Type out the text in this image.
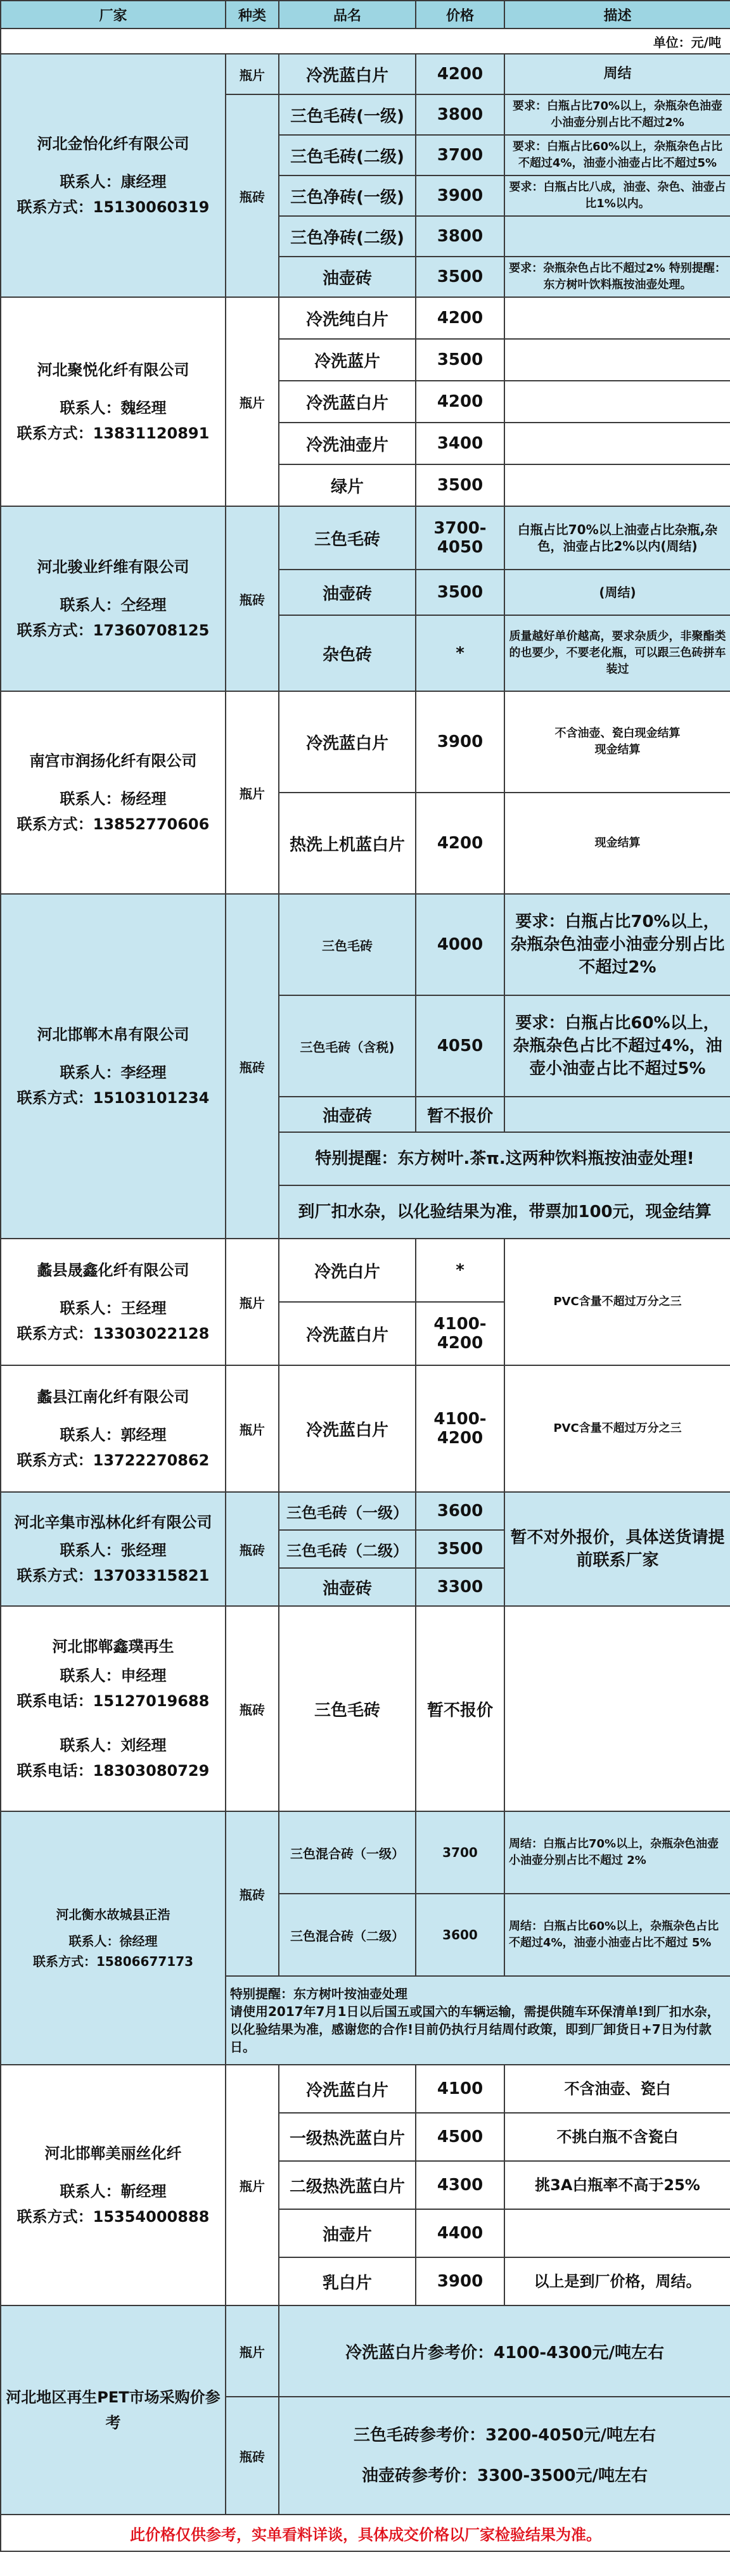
厂家	种类	品名	价格	描述
单位：元/吨				

河北金怡化纤有限公司
联系人：康经理
联系方式：15130060319	瓶片	冷洗蓝白片	4200	周结
	瓶砖	三色毛砖(一级)	3800	要求：白瓶占比70%以上，杂瓶杂色油壶小油壶分别占比不超过2%
		三色毛砖(二级)	3700	要求：白瓶占比60%以上，杂瓶杂色占比不超过4%，油壶小油壶占比不超过5%
		三色净砖(一级)	3900	要求：白瓶占比八成，油壶、杂色、油壶占比1%以内。
		三色净砖(二级)	3800	
		油壶砖	3500	要求：杂瓶杂色占比不超过2% 特别提醒：东方树叶饮料瓶按油壶处理。

河北聚悦化纤有限公司
联系人：魏经理
联系方式：13831120891	瓶片	冷洗纯白片	4200	
		冷洗蓝片	3500	
		冷洗蓝白片	4200	
		冷洗油壶片	3400	
		绿片	3500	

河北骏业纤维有限公司
联系人：仝经理
联系方式：17360708125	瓶砖	三色毛砖	3700-4050	白瓶占比70%以上油壶占比杂瓶,杂色，油壶占比2%以内(周结)
		油壶砖	3500	(周结)
		杂色砖	*	质量越好单价越高，要求杂质少，非聚酯类的也要少，不要老化瓶，可以跟三色砖拼车装过

南宫市润扬化纤有限公司
联系人：杨经理
联系方式：13852770606	瓶片	冷洗蓝白片	3900	不含油壶、瓷白现金结算
现金结算
		热洗上机蓝白片	4200	现金结算

河北邯郸木帛有限公司
联系人：李经理
联系方式：15103101234	瓶砖	三色毛砖	4000	要求：白瓶占比70%以上，杂瓶杂色油壶小油壶分别占比不超过2%
		三色毛砖（含税)	4050	要求：白瓶占比60%以上，杂瓶杂色占比不超过4%，油壶小油壶占比不超过5%
		油壶砖	暂不报价	
		特别提醒：东方树叶.茶π.这两种饮料瓶按油壶处理!		
		到厂扣水杂，以化验结果为准，带票加100元，现金结算		

蠡县晟鑫化纤有限公司
联系人：王经理
联系方式：13303022128	瓶片	冷洗白片	*	PVC含量不超过万分之三
		冷洗蓝白片	4100-4200	

蠡县江南化纤有限公司
联系人：郭经理
联系方式：13722270862	瓶片	冷洗蓝白片	4100-4200	PVC含量不超过万分之三

河北辛集市泓林化纤有限公司
联系人：张经理
联系方式：13703315821	瓶砖	三色毛砖（一级）	3600	暂不对外报价，具体送货请提前联系厂家
		三色毛砖（二级）	3500	
		油壶砖	3300	

河北邯郸鑫璞再生
联系人：申经理
联系电话：15127019688
联系人：刘经理
联系电话：18303080729	瓶砖	三色毛砖	暂不报价	

河北衡水故城县正浩
联系人：徐经理
联系方式：15806677173	瓶砖	三色混合砖（一级）	3700	周结：白瓶占比70%以上，杂瓶杂色油壶小油壶分别占比不超过 2%
		三色混合砖（二级）	3600	周结：白瓶占比60%以上，杂瓶杂色占比不超过4%，油壶小油壶占比不超过 5%
	特别提醒：东方树叶按油壶处理
请使用2017年7月1日以后国五或国六的车辆运输，需提供随车环保清单!到厂扣水杂，以化验结果为准，感谢您的合作!目前仍执行月结周付政策，即到厂卸货日+7日为付款日。			

河北邯郸美丽丝化纤
联系人：靳经理
联系方式：15354000888	瓶片	冷洗蓝白片	4100	不含油壶、瓷白
		一级热洗蓝白片	4500	不挑白瓶不含瓷白
		二级热洗蓝白片	4300	挑3A白瓶率不高于25%
		油壶片	4400	
		乳白片	3900	以上是到厂价格，周结。
河北地区再生PET市场采购价参考	瓶片	冷洗蓝白片参考价：4100-4300元/吨左右		
	瓶砖	三色毛砖参考价：3200-4050元/吨左右
油壶砖参考价：3300-3500元/吨左右		

此价格仅供参考，实单看料详谈，具体成交价格以厂家检验结果为准。				
